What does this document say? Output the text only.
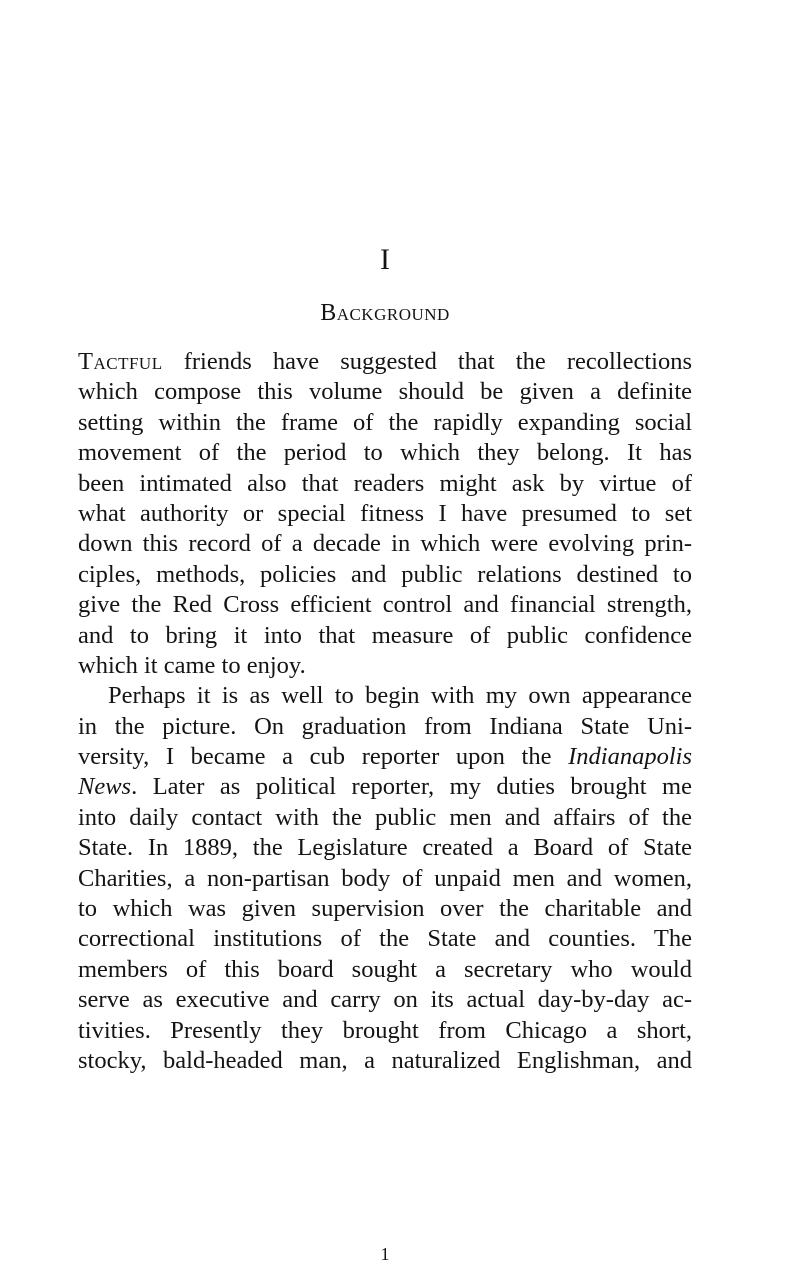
I
Background
Tactful friends have suggested that the recollections
which compose this volume should be given a definite
setting within the frame of the rapidly expanding social
movement of the period to which they belong. It has
been intimated also that readers might ask by virtue of
what authority or special fitness I have presumed to set
down this record of a decade in which were evolving prin-
ciples, methods, policies and public relations destined to
give the Red Cross efficient control and financial strength,
and to bring it into that measure of public confidence
which it came to enjoy.
Perhaps it is as well to begin with my own appearance
in the picture. On graduation from Indiana State Uni-
versity, I became a cub reporter upon the Indianapolis
News. Later as political reporter, my duties brought me
into daily contact with the public men and affairs of the
State. In 1889, the Legislature created a Board of State
Charities, a non-partisan body of unpaid men and women,
to which was given supervision over the charitable and
correctional institutions of the State and counties. The
members of this board sought a secretary who would
serve as executive and carry on its actual day-by-day ac-
tivities. Presently they brought from Chicago a short,
stocky, bald-headed man, a naturalized Englishman, and
1
